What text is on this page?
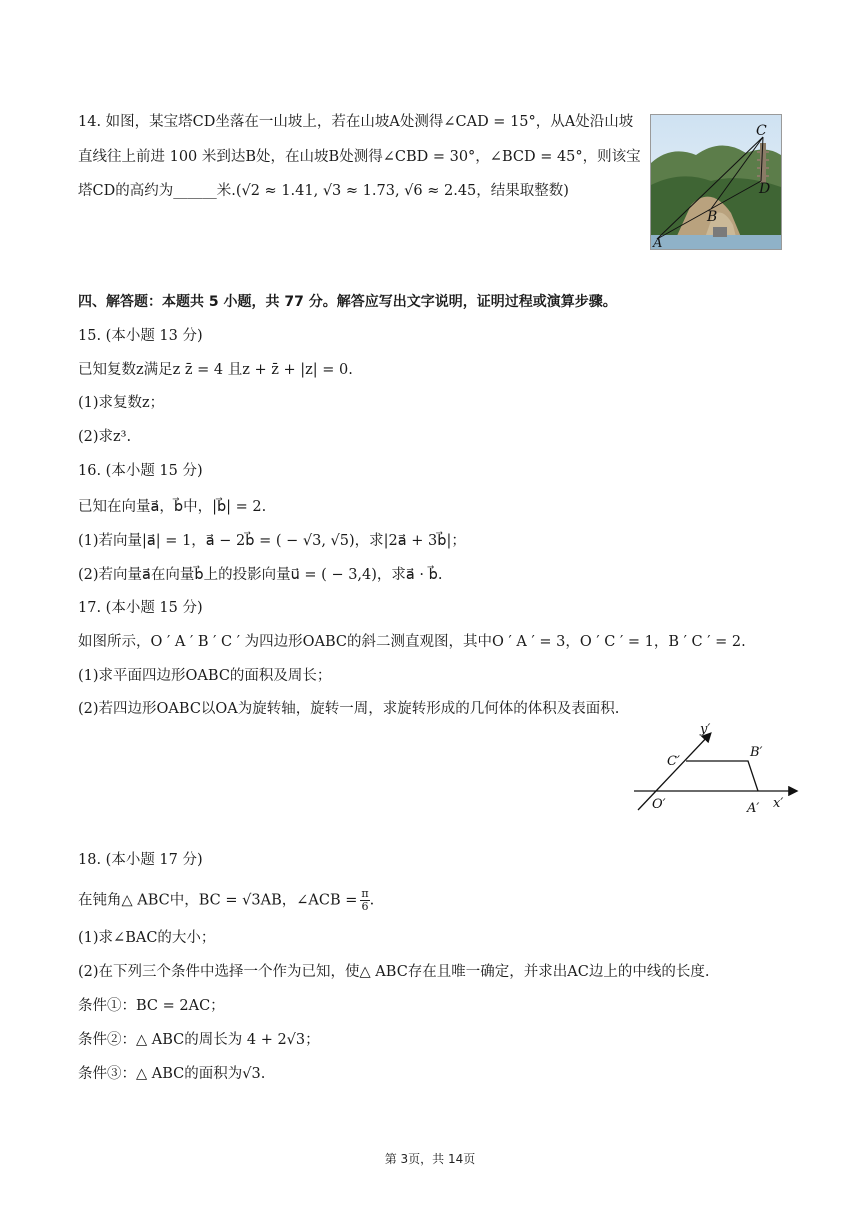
14. 如图，某宝塔CD坐落在一山坡上，若在山坡A处测得∠CAD = 15°，从A处沿山坡
直线往上前进 100 米到达B处，在山坡B处测得∠CBD = 30°，∠BCD = 45°，则该宝
塔CD的高约为______米.(√2 ≈ 1.41, √3 ≈ 1.73, √6 ≈ 2.45，结果取整数)
C
D
B
A
四、解答题：本题共 5 小题，共 77 分。解答应写出文字说明，证明过程或演算步骤。
15. (本小题 13 分)
已知复数z满足z z̄ = 4 且z + z̄ + |z| = 0.
(1)求复数z；
(2)求z³.
16. (本小题 15 分)
已知在向量a⃗，b⃗中，|b⃗| = 2.
(1)若向量|a⃗| = 1，a⃗ − 2b⃗ = ( − √3, √5)，求|2a⃗ + 3b⃗|；
(2)若向量a⃗在向量b⃗上的投影向量u⃗ = ( − 3,4)，求a⃗ · b⃗.
17. (本小题 15 分)
如图所示，O ′ A ′ B ′ C ′ 为四边形OABC的斜二测直观图，其中O ′ A ′ = 3，O ′ C ′ = 1，B ′ C ′ = 2.
(1)求平面四边形OABC的面积及周长；
(2)若四边形OABC以OA为旋转轴，旋转一周，求旋转形成的几何体的体积及表面积.
y′
x′
C′
B′
O′	A′
18. (本小题 17 分)
在钝角△ ABC中，BC = √3AB，∠ACB = $\frac{\pi}{6}$ .
(1)求∠BAC的大小；
(2)在下列三个条件中选择一个作为已知，使△ ABC存在且唯一确定，并求出AC边上的中线的长度.
条件①：BC = 2AC；
条件②：△ ABC的周长为 4 + 2√3；
条件③：△ ABC的面积为√3.
第 3页，共 14页
